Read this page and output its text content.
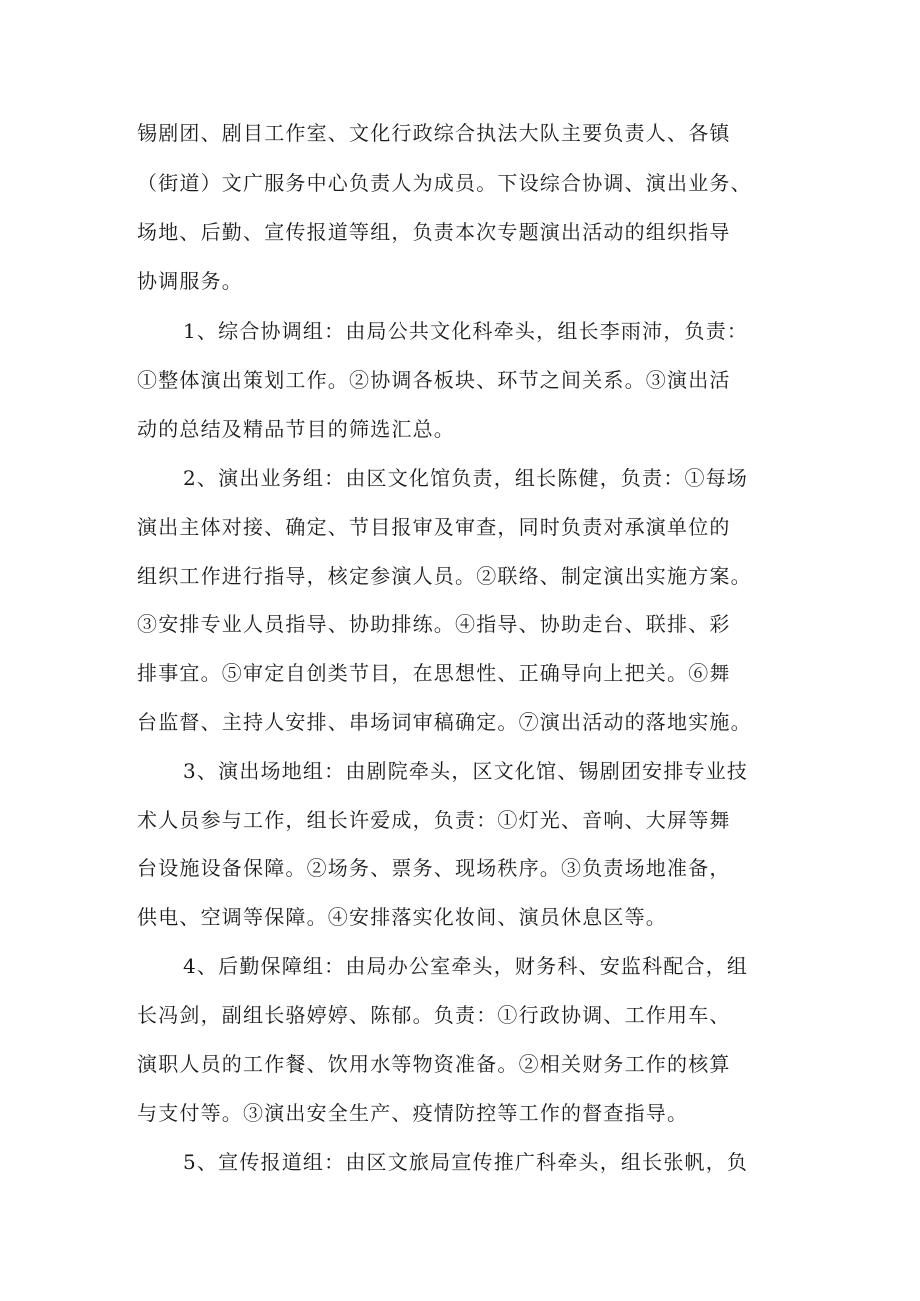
锡剧团、剧目工作室、文化行政综合执法大队主要负责人、各镇

（街道）文广服务中心负责人为成员。下设综合协调、演出业务、

场地、后勤、宣传报道等组，负责本次专题演出活动的组织指导

协调服务。

1、综合协调组：由局公共文化科牵头，组长李雨沛，负责：

①整体演出策划工作。②协调各板块、环节之间关系。③演出活

动的总结及精品节目的筛选汇总。

2、演出业务组：由区文化馆负责，组长陈健，负责：①每场

演出主体对接、确定、节目报审及审查，同时负责对承演单位的

组织工作进行指导，核定参演人员。②联络、制定演出实施方案。

③安排专业人员指导、协助排练。④指导、协助走台、联排、彩

排事宜。⑤审定自创类节目，在思想性、正确导向上把关。⑥舞

台监督、主持人安排、串场词审稿确定。⑦演出活动的落地实施。

3、演出场地组：由剧院牵头，区文化馆、锡剧团安排专业技

术人员参与工作，组长许爱成，负责：①灯光、音响、大屏等舞

台设施设备保障。②场务、票务、现场秩序。③负责场地准备，

供电、空调等保障。④安排落实化妆间、演员休息区等。

4、后勤保障组：由局办公室牵头，财务科、安监科配合，组

长冯剑，副组长骆婷婷、陈郁。负责：①行政协调、工作用车、

演职人员的工作餐、饮用水等物资准备。②相关财务工作的核算

与支付等。③演出安全生产、疫情防控等工作的督查指导。

5、宣传报道组：由区文旅局宣传推广科牵头，组长张帆，负
